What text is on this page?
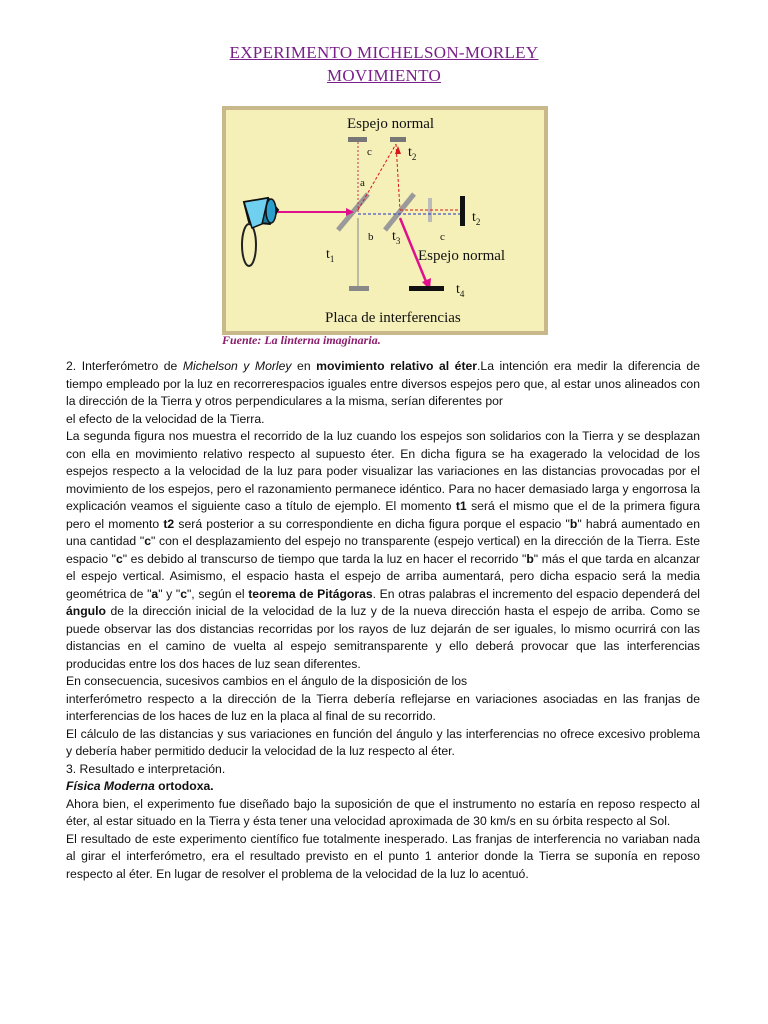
EXPERIMENTO MICHELSON-MORLEY
MOVIMIENTO
Espejo normal
Espejo normal
Placa de interferencias
c
a
b	c
$t_2$
$t_2$
$t_3$
$t_1$
$t_4$
Fuente: La linterna imaginaria.

2. Interferómetro de Michelson y Morley en movimiento relativo al éter.La intención era medir la diferencia de tiempo empleado por la luz en recorrerespacios iguales entre diversos espejos pero que, al estar unos alineados con la dirección de la Tierra y otros perpendiculares a la misma, serían diferentes por

el efecto de la velocidad de la Tierra.

La segunda figura nos muestra el recorrido de la luz cuando los espejos son solidarios con la Tierra y se desplazan con ella en movimiento relativo respecto al supuesto éter. En dicha figura se ha exagerado la velocidad de los espejos respecto a la velocidad de la luz para poder visualizar las variaciones en las distancias provocadas por el movimiento de los espejos, pero el razonamiento permanece idéntico. Para no hacer demasiado larga y engorrosa la explicación veamos el siguiente caso a título de ejemplo. El momento t1 será el mismo que el de la primera figura pero el momento t2 será posterior a su correspondiente en dicha figura porque el espacio "b" habrá aumentado en una cantidad "c" con el desplazamiento del espejo no transparente (espejo vertical) en la dirección de la Tierra. Este espacio "c" es debido al transcurso de tiempo que tarda la luz en hacer el recorrido "b" más el que tarda en alcanzar el espejo vertical. Asimismo, el espacio hasta el espejo de arriba aumentará, pero dicha espacio será la media geométrica de "a" y "c", según el teorema de Pitágoras. En otras palabras el incremento del espacio dependerá del ángulo de la dirección inicial de la velocidad de la luz y de la nueva dirección hasta el espejo de arriba. Como se puede observar las dos distancias recorridas por los rayos de luz dejarán de ser iguales, lo mismo ocurrirá con las distancias en el camino de vuelta al espejo semitransparente y ello deberá provocar que las interferencias producidas entre los dos haces de luz sean diferentes.

En consecuencia, sucesivos cambios en el ángulo de la disposición de los

interferómetro respecto a la dirección de la Tierra debería reflejarse en variaciones asociadas en las franjas de interferencias de los haces de luz en la placa al final de su recorrido.

El cálculo de las distancias y sus variaciones en función del ángulo y las interferencias no ofrece excesivo problema y debería haber permitido deducir la velocidad de la luz respecto al éter.

3. Resultado e interpretación.

Física Moderna ortodoxa.

Ahora bien, el experimento fue diseñado bajo la suposición de que el instrumento no estaría en reposo respecto al éter, al estar situado en la Tierra y ésta tener una velocidad aproximada de 30 km/s en su órbita respecto al Sol.

El resultado de este experimento científico fue totalmente inesperado. Las franjas de interferencia no variaban nada al girar el interferómetro, era el resultado previsto en el punto 1 anterior donde la Tierra se suponía en reposo respecto al éter. En lugar de resolver el problema de la velocidad de la luz lo acentuó.
